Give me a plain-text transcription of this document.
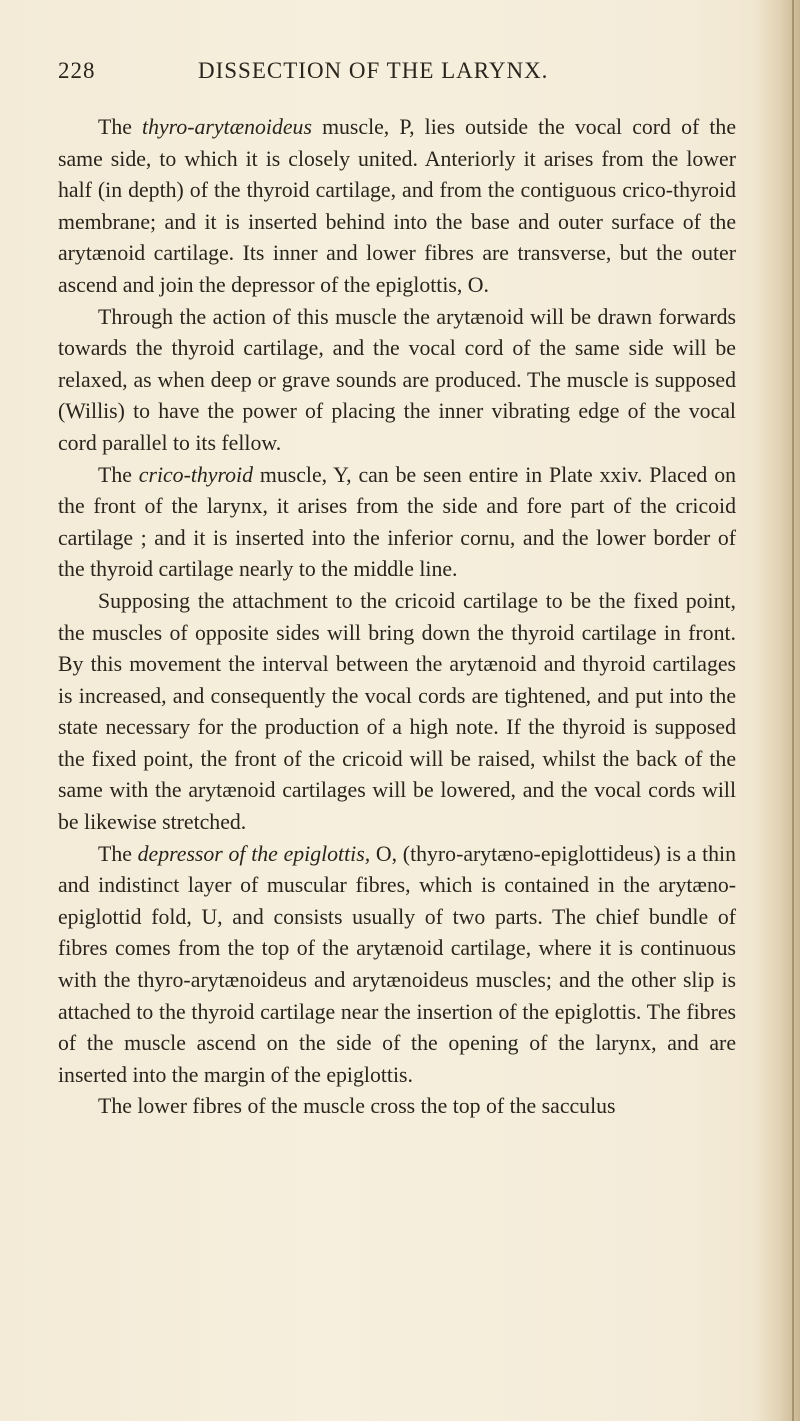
228	DISSECTION OF THE LARYNX.

The thyro-arytænoideus muscle, P, lies outside the vocal cord of the same side, to which it is closely united. Anteriorly it arises from the lower half (in depth) of the thyroid cartilage, and from the contiguous crico-thyroid membrane; and it is inserted behind into the base and outer surface of the arytænoid cartilage. Its inner and lower fibres are transverse, but the outer ascend and join the depressor of the epiglottis, O.

Through the action of this muscle the arytænoid will be drawn forwards towards the thyroid cartilage, and the vocal cord of the same side will be relaxed, as when deep or grave sounds are produced. The muscle is supposed (Willis) to have the power of placing the inner vibrating edge of the vocal cord parallel to its fellow.

The crico-thyroid muscle, Y, can be seen entire in Plate xxiv. Placed on the front of the larynx, it arises from the side and fore part of the cricoid cartilage ; and it is inserted into the inferior cornu, and the lower border of the thyroid cartilage nearly to the middle line.

Supposing the attachment to the cricoid cartilage to be the fixed point, the muscles of opposite sides will bring down the thyroid cartilage in front. By this movement the interval between the arytænoid and thyroid cartilages is increased, and consequently the vocal cords are tightened, and put into the state necessary for the production of a high note. If the thyroid is supposed the fixed point, the front of the cricoid will be raised, whilst the back of the same with the arytænoid cartilages will be lowered, and the vocal cords will be likewise stretched.

The depressor of the epiglottis, O, (thyro-arytæno-epiglottideus) is a thin and indistinct layer of muscular fibres, which is contained in the arytæno-epiglottid fold, U, and consists usually of two parts. The chief bundle of fibres comes from the top of the arytænoid cartilage, where it is continuous with the thyro-arytænoideus and arytænoideus muscles; and the other slip is attached to the thyroid cartilage near the insertion of the epiglottis. The fibres of the muscle ascend on the side of the opening of the larynx, and are inserted into the margin of the epiglottis.

The lower fibres of the muscle cross the top of the sacculus
